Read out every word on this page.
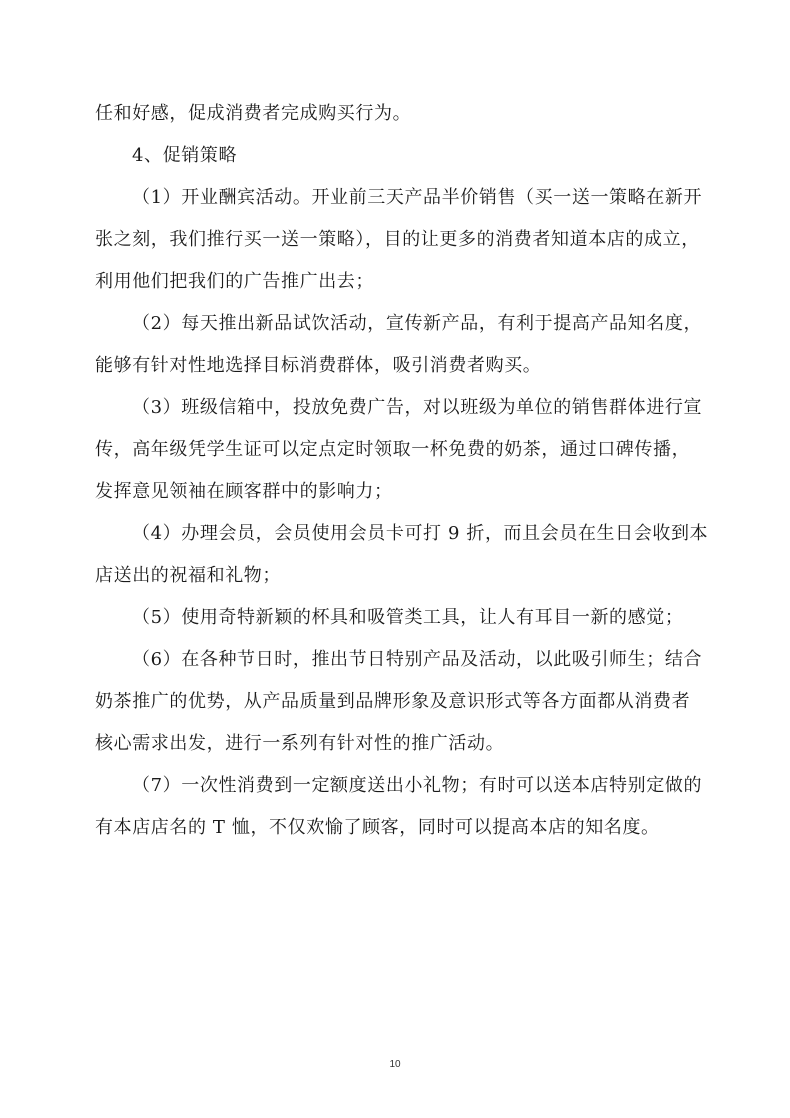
任和好感，促成消费者完成购买行为。
4、促销策略
（1）开业酬宾活动。开业前三天产品半价销售（买一送一策略在新开
张之刻，我们推行买一送一策略），目的让更多的消费者知道本店的成立，
利用他们把我们的广告推广出去；
（2）每天推出新品试饮活动，宣传新产品，有利于提高产品知名度，
能够有针对性地选择目标消费群体，吸引消费者购买。
（3）班级信箱中，投放免费广告，对以班级为单位的销售群体进行宣
传，高年级凭学生证可以定点定时领取一杯免费的奶茶，通过口碑传播，
发挥意见领袖在顾客群中的影响力；
（4）办理会员，会员使用会员卡可打 9 折，而且会员在生日会收到本
店送出的祝福和礼物；
（5）使用奇特新颖的杯具和吸管类工具，让人有耳目一新的感觉；
（6）在各种节日时，推出节日特别产品及活动，以此吸引师生；结合
奶茶推广的优势，从产品质量到品牌形象及意识形式等各方面都从消费者
核心需求出发，进行一系列有针对性的推广活动。
（7）一次性消费到一定额度送出小礼物；有时可以送本店特别定做的
有本店店名的 T 恤，不仅欢愉了顾客，同时可以提高本店的知名度。
10
